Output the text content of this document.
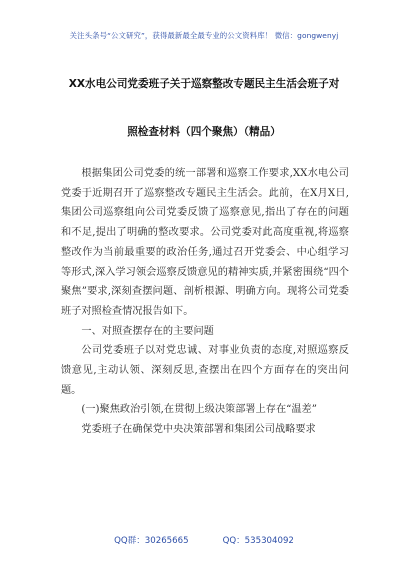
关注头条号“公文研究”，获得最新最全最专业的公文资料库！ 微信：gongwenyj
XX水电公司党委班子关于巡察整改专题民主生活会班子对
照检查材料（四个聚焦）（精品）

根据集团公司党委的统一部署和巡察工作要求,XX水电公司党委于近期召开了巡察整改专题民主生活会。此前，在X月X日,集团公司巡察组向公司党委反馈了巡察意见,指出了存在的问题和不足,提出了明确的整改要求。公司党委对此高度重视,将巡察整改作为当前最重要的政治任务,通过召开党委会、中心组学习等形式,深入学习领会巡察反馈意见的精神实质,并紧密围绕“四个聚焦”要求,深刻查摆问题、剖析根源、明确方向。现将公司党委班子对照检查情况报告如下。

一、对照查摆存在的主要问题

公司党委班子以对党忠诚、对事业负责的态度,对照巡察反馈意见,主动认领、深刻反思,查摆出在四个方面存在的突出问题。

(一)聚焦政治引领,在贯彻上级决策部署上存在“温差”

党委班子在确保党中央决策部署和集团公司战略要求

QQ群：30265665	QQ：535304092
